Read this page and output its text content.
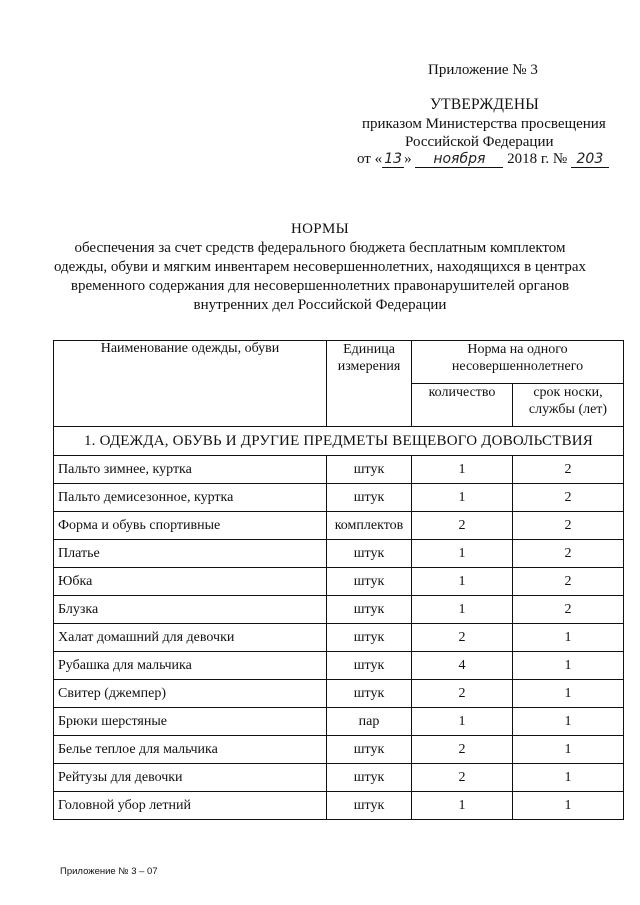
Приложение № 3
УТВЕРЖДЕНЫ
приказом Министерства просвещения
Российской Федерации
от « 13 » ноября 2018 г. № 203
НОРМЫ
обеспечения за счет средств федерального бюджета бесплатным комплектом
одежды, обуви и мягким инвентарем несовершеннолетних, находящихся в центрах
временного содержания для несовершеннолетних правонарушителей органов
внутренних дел Российской Федерации
Наименование одежды, обуви	Единица измерения	Норма на одного несовершеннолетнего	
		количество	срок носки, службы (лет)
1. ОДЕЖДА, ОБУВЬ И ДРУГИЕ ПРЕДМЕТЫ ВЕЩЕВОГО ДОВОЛЬСТВИЯ			
Пальто зимнее, куртка	штук	1	2
Пальто демисезонное, куртка	штук	1	2
Форма и обувь спортивные	комплектов	2	2
Платье	штук	1	2
Юбка	штук	1	2
Блузка	штук	1	2
Халат домашний для девочки	штук	2	1
Рубашка для мальчика	штук	4	1
Свитер (джемпер)	штук	2	1
Брюки шерстяные	пар	1	1
Белье теплое для мальчика	штук	2	1
Рейтузы для девочки	штук	2	1
Головной убор летний	штук	1	1
Приложение № 3 – 07
